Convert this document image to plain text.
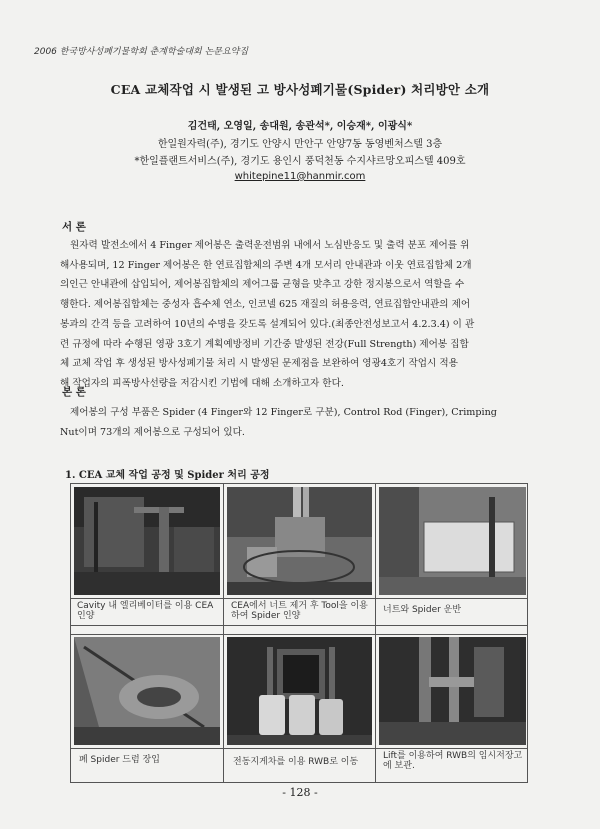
2006 한국방사성폐기물학회 춘계학술대회 논문요약집
CEA 교체작업 시 발생된 고 방사성폐기물(Spider) 처리방안 소개
김건태, 오영일, 송대원, 송관석*, 이승재*, 이광식*
한일원자력(주), 경기도 안양시 만안구 안양7동 동영벤처스텔 3층
*한일플랜트서비스(주), 경기도 용인시 풍덕천동 수지샤르망오피스텔 409호
whitepine11@hanmir.com
서 론
원자력 발전소에서 4 Finger 제어봉은 출력운전범위 내에서 노심반응도 및 출력 분포 제어를 위
해사용되며, 12 Finger 제어봉은 한 연료집합체의 주변 4개 모서리 안내관과 이웃 연료집합체 2개
의인근 안내관에 삽입되어, 제어봉집합체의 제어그룹 균형을 맞추고 강한 정지봉으로서 역할을 수
행한다. 제어봉집합체는 중성자 흡수체 연소, 인코넬 625 재질의 허용응력, 연료집합안내관의 제어
봉과의 간격 등을 고려하여 10년의 수명을 갖도록 설계되어 있다.(최종안전성보고서 4.2.3.4) 이 관
련 규정에 따라 수행된 영광 3호기 계획예방정비 기간중 발생된 전강(Full Strength) 제어봉 집합
체 교체 작업 후 생성된 방사성폐기물 처리 시 발생된 문제점을 보완하여 영광4호기 작업시 적용
해 작업자의 피폭방사선량을 저감시킨 기법에 대해 소개하고자 한다.
본 론
제어봉의 구성 부품은 Spider (4 Finger와 12 Finger로 구분), Control Rod (Finger), Crimping
Nut이며 73개의 제어봉으로 구성되어 있다.
1. CEA 교체 작업 공정 및 Spider 처리 공정
Cavity 내 엘리베이터를 이용 CEA 인양
CEA에서 너트 제거 후 Tool을 이용하여 Spider 인양
너트와 Spider 운반
폐 Spider 드럼 장입	전동지게차를 이용 RWB로 이동
Lift를 이용하여 RWB의 임시저장고에 보관.
- 128 -
